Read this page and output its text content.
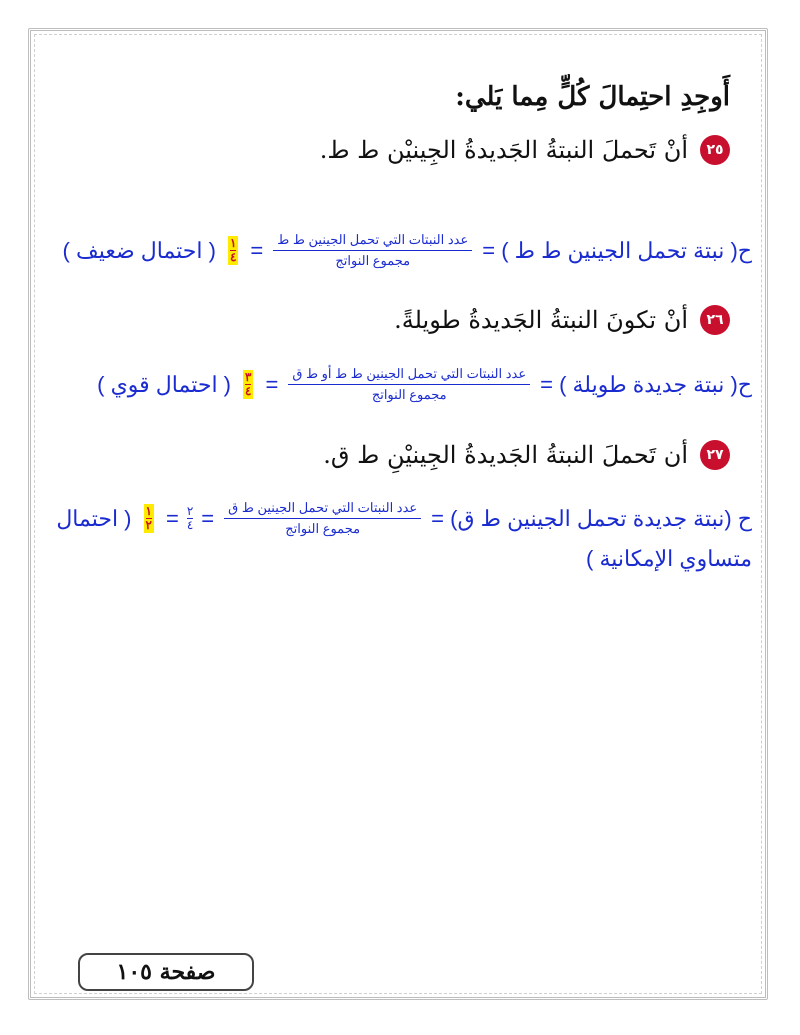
أَوجِدِ احتِمالَ كُلٍّ مِما يَلي:
٢٥
أنْ تَحملَ النبتةُ الجَديدةُ الجِينيْن ط ط.
ح( نبتة تحمل الجينين ط ط ) =
$\frac{\text{عدد النبتات التي تحمل الجينين ط ط}}{\text{مجموع النواتج}}$
=
١
٤
( احتمال ضعيف )
٢٦
أنْ تكونَ النبتةُ الجَديدةُ طويلةً.
ح( نبتة جديدة طويلة ) =
$\frac{\text{عدد النبتات التي تحمل الجينين ط ط أو ط ق}}{\text{مجموع النواتج}}$
=
٣
٤
( احتمال قوي )
٢٧
أن تَحملَ النبتةُ الجَديدةُ الجِينيْنِ ط ق.
ح (نبتة جديدة تحمل الجينين ط ق) =
$\frac{\text{عدد النبتات التي تحمل الجينين ط ق}}{\text{مجموع النواتج}}$
=
$\frac{٢}{٤}$
=
١
٢
( احتمال
متساوي الإمكانية )
صفحة ١٠٥
